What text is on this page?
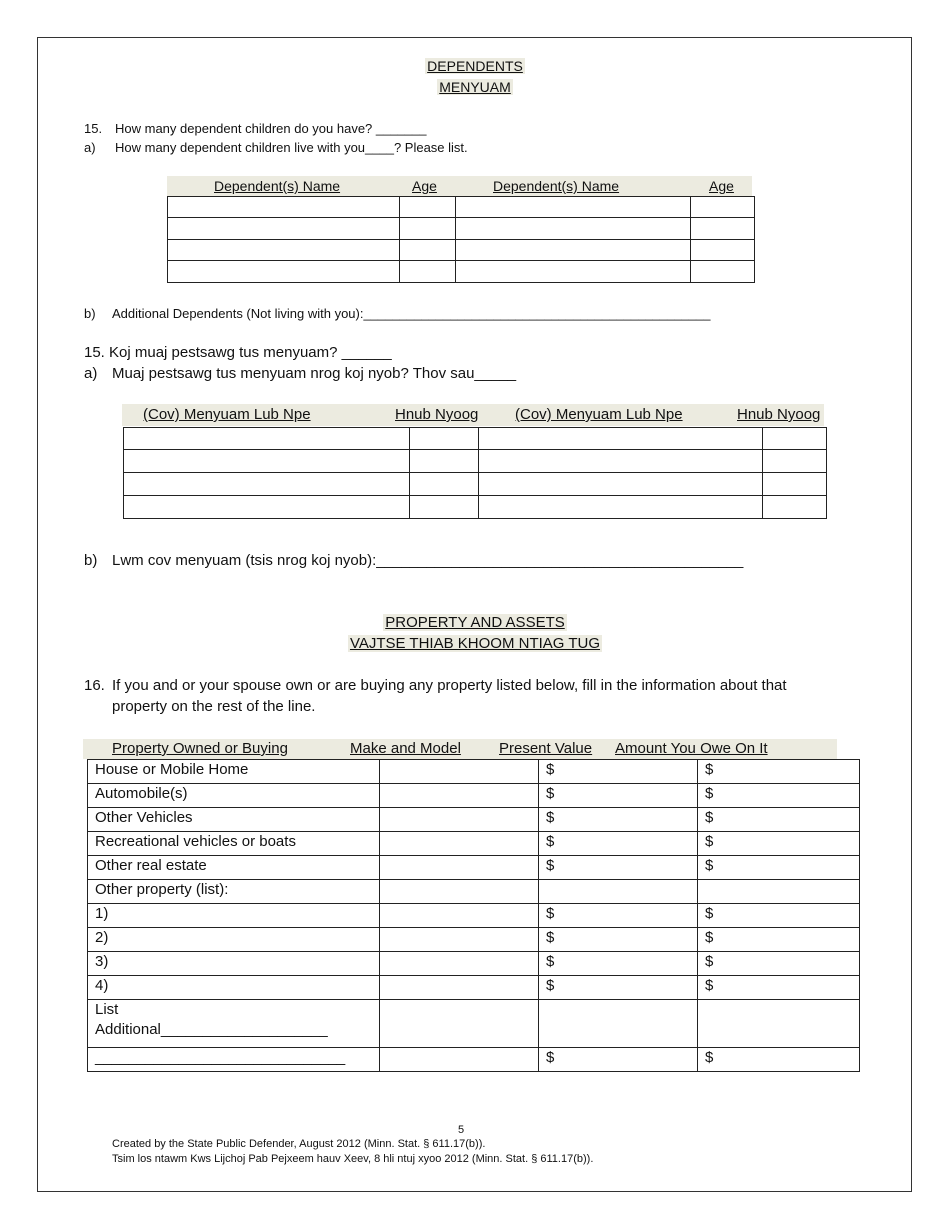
DEPENDENTS
MENYUAM
15. How many dependent children do you have? _______
a) How many dependent children live with you____? Please list.
Dependent(s) Name	Age	Dependent(s) Name	Age

b) Additional Dependents (Not living with you):________________________________________________
15. Koj muaj pestsawg tus menyuam? ______
a) Muaj pestsawg tus menyuam nrog koj nyob? Thov sau_____
(Cov) Menyuam Lub Npe	Hnub Nyoog (Cov) Menyuam Lub Npe	Hnub Nyoog

b) Lwm cov menyuam (tsis nrog koj nyob):____________________________________________
PROPERTY AND ASSETS
VAJTSE THIAB KHOOM NTIAG TUG
16. If you and or your spouse own or are buying any property listed below, fill in the information about that
property on the rest of the line.
Property Owned or Buying	Make and Model	Present Value Amount You Owe On It
House or Mobile Home		$	$
Automobile(s)		$	$
Other Vehicles		$	$
Recreational vehicles or boats		$	$
Other real estate		$	$
Other property (list):			
1)		$	$
2)		$	$
3)		$	$
4)		$	$

List
Additional____________________			

______________________________		$	$
5
Created by the State Public Defender, August 2012 (Minn. Stat. § 611.17(b)).
Tsim los ntawm Kws Lijchoj Pab Pejxeem hauv Xeev, 8 hli ntuj xyoo 2012 (Minn. Stat. § 611.17(b)).
